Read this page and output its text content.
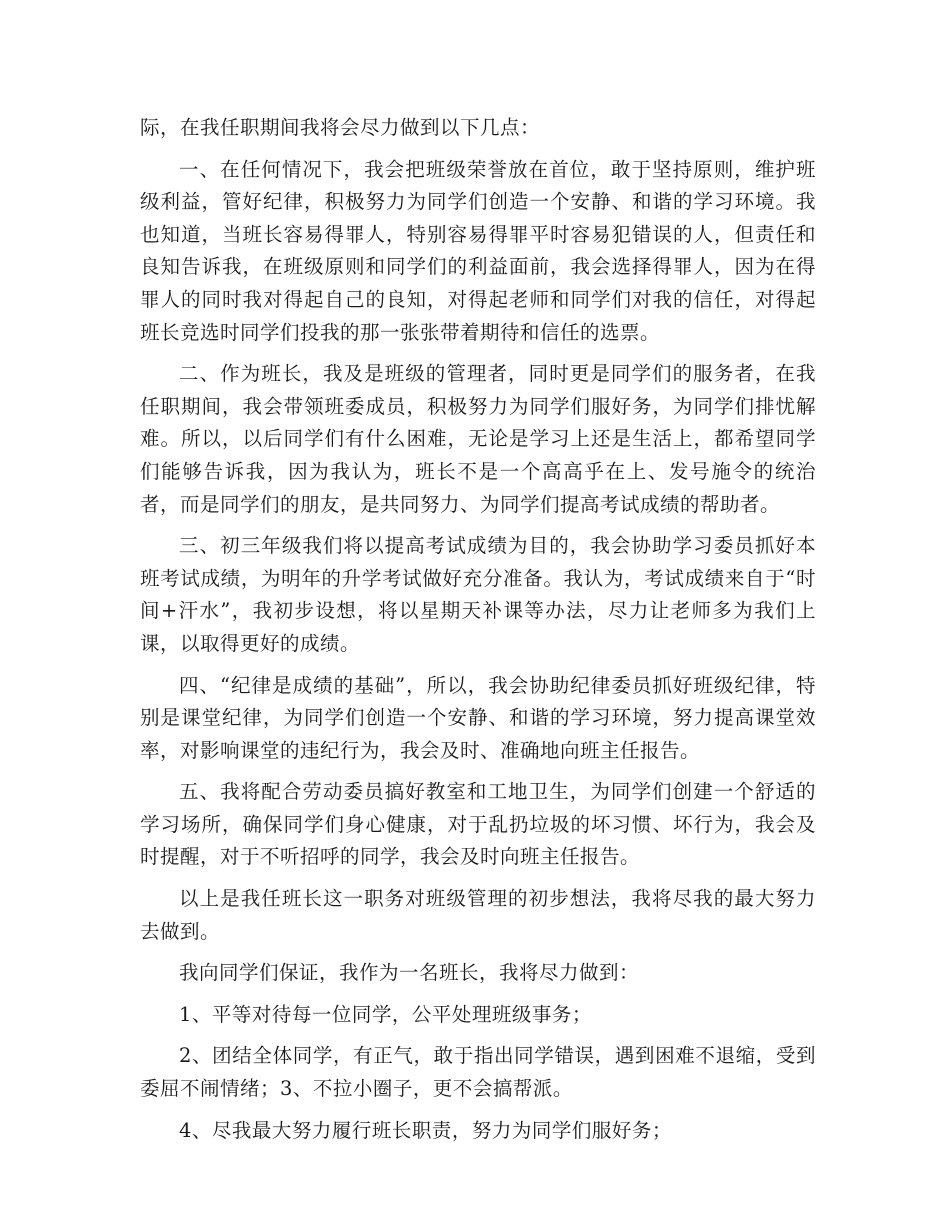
际，在我任职期间我将会尽力做到以下几点：

一、在任何情况下，我会把班级荣誉放在首位，敢于坚持原则，维护班级利益，管好纪律，积极努力为同学们创造一个安静、和谐的学习环境。我也知道，当班长容易得罪人，特别容易得罪平时容易犯错误的人，但责任和良知告诉我，在班级原则和同学们的利益面前，我会选择得罪人，因为在得罪人的同时我对得起自己的良知，对得起老师和同学们对我的信任，对得起班长竞选时同学们投我的那一张张带着期待和信任的选票。

二、作为班长，我及是班级的管理者，同时更是同学们的服务者，在我任职期间，我会带领班委成员，积极努力为同学们服好务，为同学们排忧解难。所以，以后同学们有什么困难，无论是学习上还是生活上，都希望同学们能够告诉我，因为我认为，班长不是一个高高乎在上、发号施令的统治者，而是同学们的朋友，是共同努力、为同学们提高考试成绩的帮助者。

三、初三年级我们将以提高考试成绩为目的，我会协助学习委员抓好本班考试成绩，为明年的升学考试做好充分准备。我认为，考试成绩来自于“时间+汗水”，我初步设想，将以星期天补课等办法，尽力让老师多为我们上课，以取得更好的成绩。

四、“纪律是成绩的基础”，所以，我会协助纪律委员抓好班级纪律，特别是课堂纪律，为同学们创造一个安静、和谐的学习环境，努力提高课堂效率，对影响课堂的违纪行为，我会及时、准确地向班主任报告。

五、我将配合劳动委员搞好教室和工地卫生，为同学们创建一个舒适的学习场所，确保同学们身心健康，对于乱扔垃圾的坏习惯、坏行为，我会及时提醒，对于不听招呼的同学，我会及时向班主任报告。

以上是我任班长这一职务对班级管理的初步想法，我将尽我的最大努力去做到。

我向同学们保证，我作为一名班长，我将尽力做到：

1、平等对待每一位同学，公平处理班级事务；

2、团结全体同学，有正气，敢于指出同学错误，遇到困难不退缩，受到委屈不闹情绪；3、不拉小圈子，更不会搞帮派。

4、尽我最大努力履行班长职责，努力为同学们服好务；
